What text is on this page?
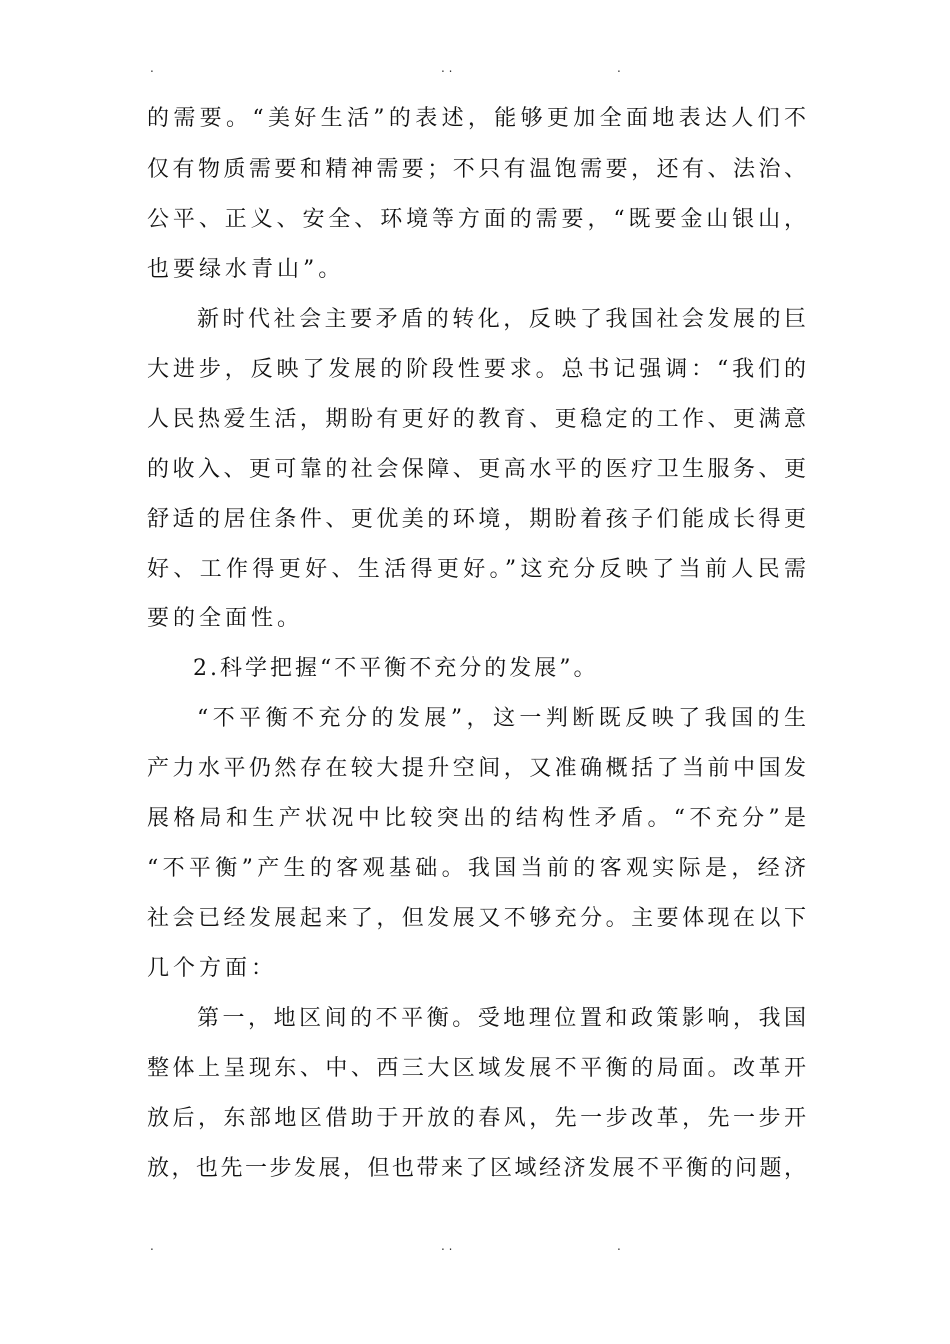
.	. .	.
的需要。“美好生活”的表述，能够更加全面地表达人们不
仅有物质需要和精神需要；不只有温饱需要，还有、法治、
公平、正义、安全、环境等方面的需要，“既要金山银山，
也要绿水青山”。
新时代社会主要矛盾的转化，反映了我国社会发展的巨
大进步，反映了发展的阶段性要求。总书记强调：“我们的
人民热爱生活，期盼有更好的教育、更稳定的工作、更满意
的收入、更可靠的社会保障、更高水平的医疗卫生服务、更
舒适的居住条件、更优美的环境，期盼着孩子们能成长得更
好、工作得更好、生活得更好。”这充分反映了当前人民需
要的全面性。
2.科学把握“不平衡不充分的发展”。
“不平衡不充分的发展”，这一判断既反映了我国的生
产力水平仍然存在较大提升空间，又准确概括了当前中国发
展格局和生产状况中比较突出的结构性矛盾。“不充分”是
“不平衡”产生的客观基础。我国当前的客观实际是，经济
社会已经发展起来了，但发展又不够充分。主要体现在以下
几个方面：
第一，地区间的不平衡。受地理位置和政策影响，我国
整体上呈现东、中、西三大区域发展不平衡的局面。改革开
放后，东部地区借助于开放的春风，先一步改革，先一步开
放，也先一步发展，但也带来了区域经济发展不平衡的问题，
.	. .	.
